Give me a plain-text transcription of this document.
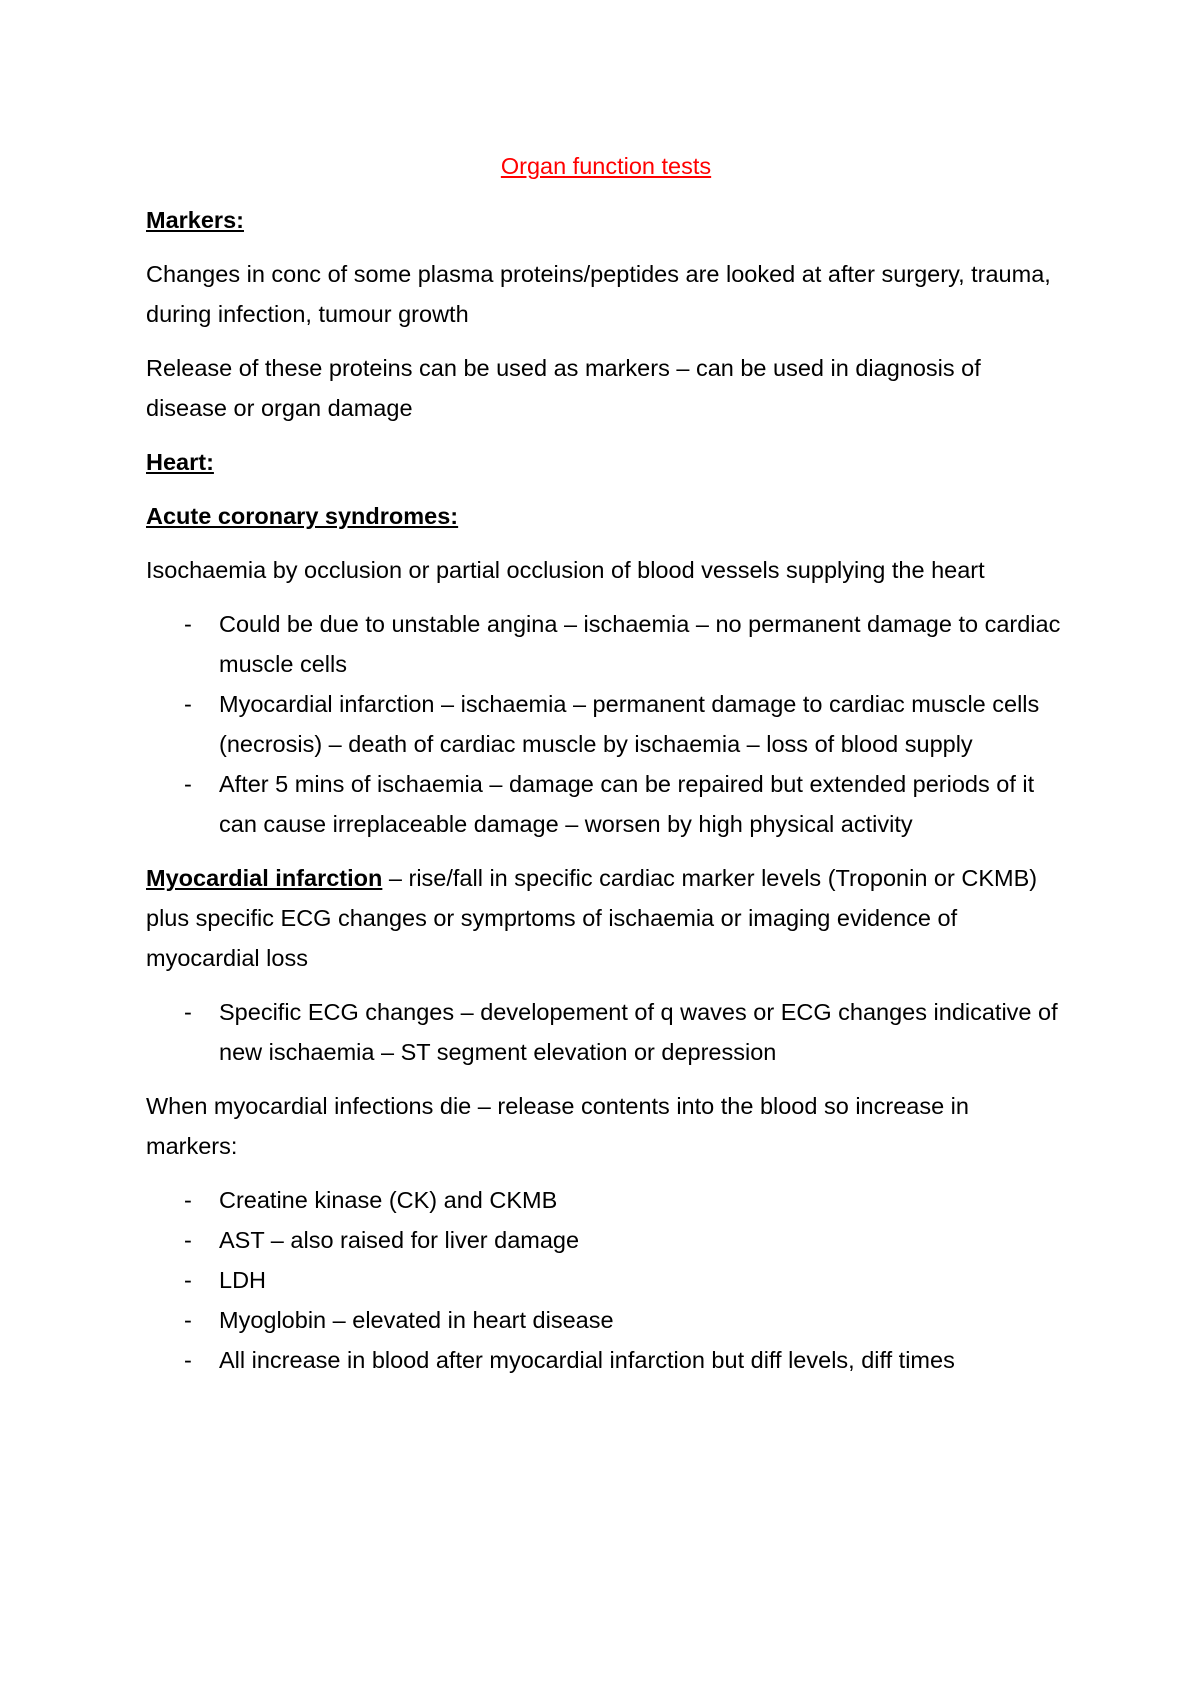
Organ function tests
Markers:

Changes in conc of some plasma proteins/peptides are looked at after surgery, trauma, during infection, tumour growth

Release of these proteins can be used as markers – can be used in diagnosis of disease or organ damage

Heart:
Acute coronary syndromes:

Isochaemia by occlusion or partial occlusion of blood vessels supplying the heart

- Could be due to unstable angina – ischaemia – no permanent damage to cardiac muscle cells
- Myocardial infarction – ischaemia – permanent damage to cardiac muscle cells (necrosis) – death of cardiac muscle by ischaemia – loss of blood supply
- After 5 mins of ischaemia – damage can be repaired but extended periods of it can cause irreplaceable damage – worsen by high physical activity

Myocardial infarction – rise/fall in specific cardiac marker levels (Troponin or CKMB) plus specific ECG changes or symprtoms of ischaemia or imaging evidence of myocardial loss

- Specific ECG changes – developement of q waves or ECG changes indicative of new ischaemia – ST segment elevation or depression

When myocardial infections die – release contents into the blood so increase in markers:

- Creatine kinase (CK) and CKMB
- AST – also raised for liver damage
- LDH
- Myoglobin – elevated in heart disease
- All increase in blood after myocardial infarction but diff levels, diff times
